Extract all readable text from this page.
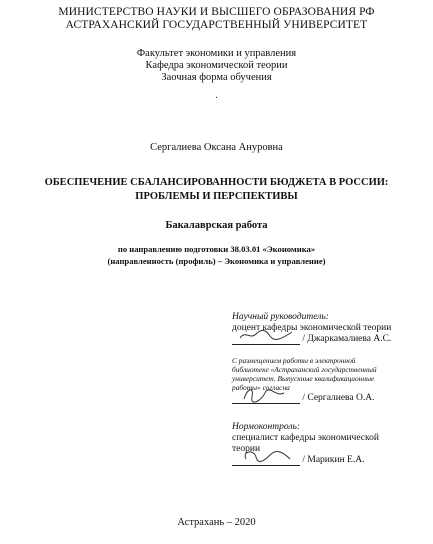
МИНИСТЕРСТВО НАУКИ И ВЫСШЕГО ОБРАЗОВАНИЯ РФ
АСТРАХАНСКИЙ ГОСУДАРСТВЕННЫЙ УНИВЕРСИТЕТ
Факультет экономики и управления
Кафедра экономической теории
Заочная форма обучения
.
Сергалиева Оксана Ануровна
ОБЕСПЕЧЕНИЕ СБАЛАНСИРОВАННОСТИ БЮДЖЕТА В РОССИИ:
ПРОБЛЕМЫ И ПЕРСПЕКТИВЫ
Бакалаврская работа
по направлению подготовки 38.03.01 «Экономика»
(направленность (профиль) – Экономика и управление)
Научный руководитель:
доцент кафедры экономической теории
/ Джаркамалиева А.С.
С размещением работы в электронной
библиотеке «Астраханский государственный
университет. Выпускные квалификационные
работы» согласна
/ Сергалиева О.А.
Нормоконтроль:
специалист кафедры экономической
теории
/ Марикин Е.А.
Астрахань – 2020
